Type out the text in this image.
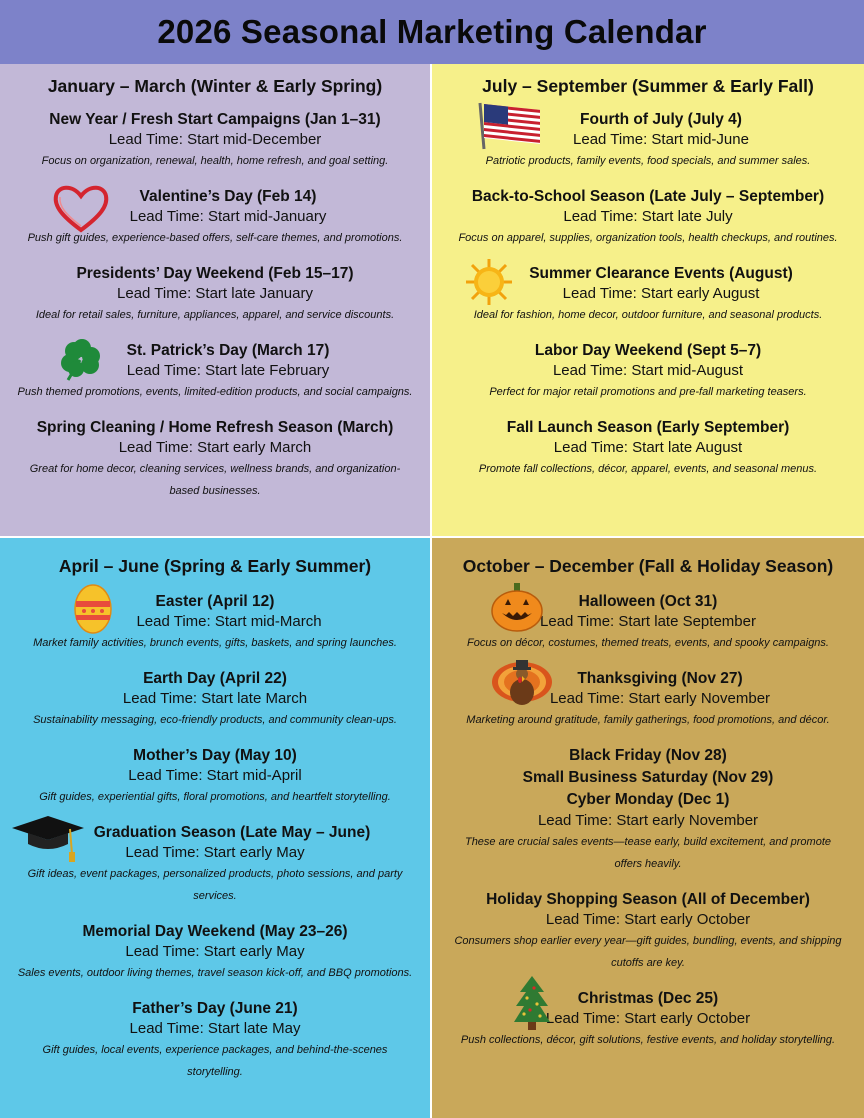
2026 Seasonal Marketing Calendar
January – March (Winter & Early Spring)
New Year / Fresh Start Campaigns (Jan 1–31)
Lead Time: Start mid-December
Focus on organization, renewal, health, home refresh, and goal setting.
Valentine’s Day (Feb 14)
Lead Time: Start mid-January
Push gift guides, experience-based offers, self-care themes, and promotions.
Presidents’ Day Weekend (Feb 15–17)
Lead Time: Start late January
Ideal for retail sales, furniture, appliances, apparel, and service discounts.
St. Patrick’s Day (March 17)
Lead Time: Start late February
Push themed promotions, events, limited-edition products, and social campaigns.
Spring Cleaning / Home Refresh Season (March)
Lead Time: Start early March
Great for home decor, cleaning services, wellness brands, and organization-based businesses.
July – September (Summer & Early Fall)
Fourth of July (July 4)
Lead Time: Start mid-June
Patriotic products, family events, food specials, and summer sales.
Back-to-School Season (Late July – September)
Lead Time: Start late July
Focus on apparel, supplies, organization tools, health checkups, and routines.
Summer Clearance Events (August)
Lead Time: Start early August
Ideal for fashion, home decor, outdoor furniture, and seasonal products.
Labor Day Weekend (Sept 5–7)
Lead Time: Start mid-August
Perfect for major retail promotions and pre-fall marketing teasers.
Fall Launch Season (Early September)
Lead Time: Start late August
Promote fall collections, décor, apparel, events, and seasonal menus.
April – June (Spring & Early Summer)
Easter (April 12)
Lead Time: Start mid-March
Market family activities, brunch events, gifts, baskets, and spring launches.
Earth Day (April 22)
Lead Time: Start late March
Sustainability messaging, eco-friendly products, and community clean-ups.
Mother’s Day (May 10)
Lead Time: Start mid-April
Gift guides, experiential gifts, floral promotions, and heartfelt storytelling.
Graduation Season (Late May – June)
Lead Time: Start early May
Gift ideas, event packages, personalized products, photo sessions, and party services.
Memorial Day Weekend (May 23–26)
Lead Time: Start early May
Sales events, outdoor living themes, travel season kick-off, and BBQ promotions.
Father’s Day (June 21)
Lead Time: Start late May
Gift guides, local events, experience packages, and behind-the-scenes storytelling.
October – December (Fall & Holiday Season)
Halloween (Oct 31)
Lead Time: Start late September
Focus on décor, costumes, themed treats, events, and spooky campaigns.
Thanksgiving (Nov 27)
Lead Time: Start early November
Marketing around gratitude, family gatherings, food promotions, and décor.
Black Friday (Nov 28)
Small Business Saturday (Nov 29)
Cyber Monday (Dec 1)
Lead Time: Start early November
These are crucial sales events—tease early, build excitement, and promote offers heavily.
Holiday Shopping Season (All of December)
Lead Time: Start early October
Consumers shop earlier every year—gift guides, bundling, events, and shipping cutoffs are key.
Christmas (Dec 25)
Lead Time: Start early October
Push collections, décor, gift solutions, festive events, and holiday storytelling.
